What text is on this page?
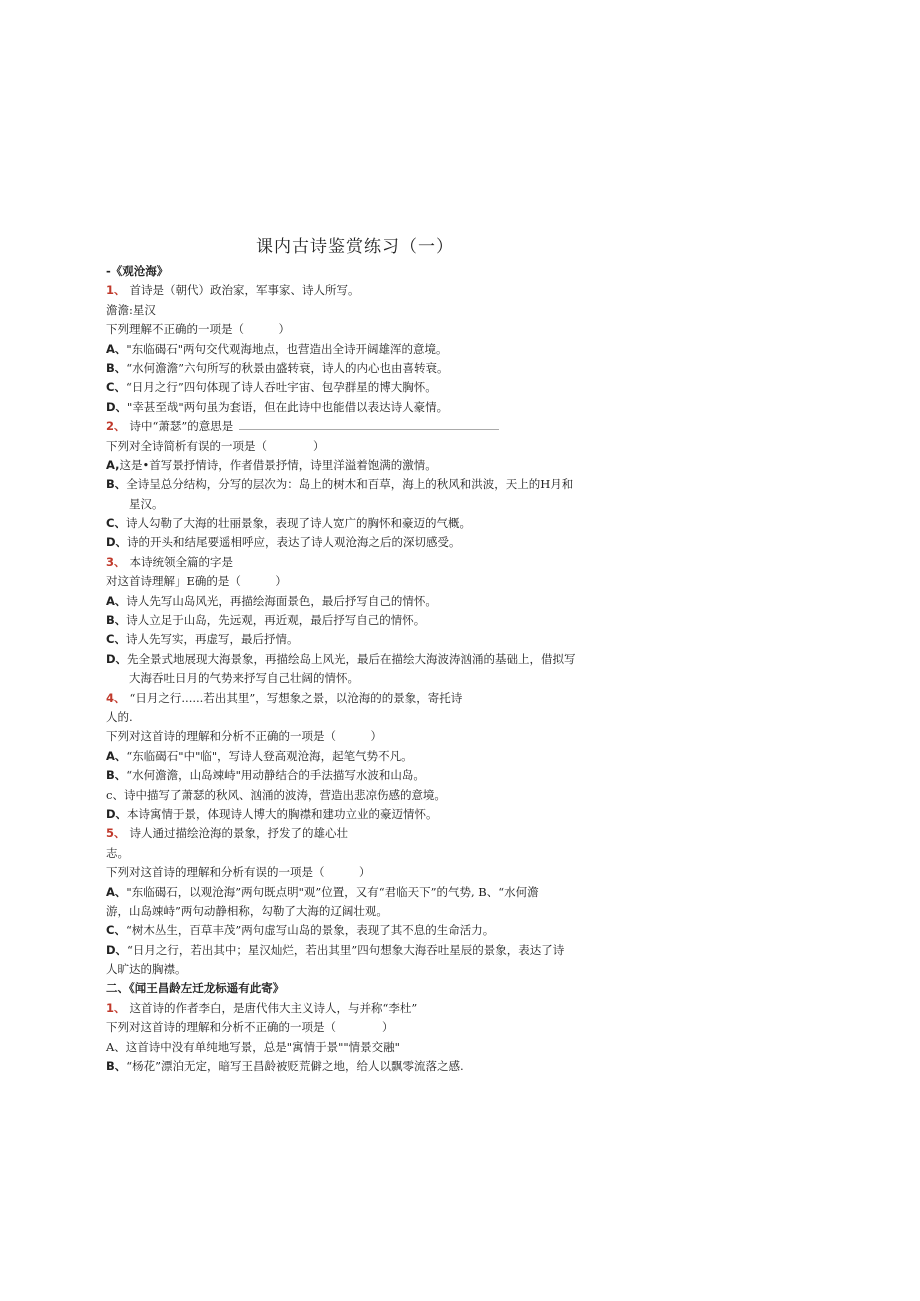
课内古诗鉴赏练习（一）
-《观沧海》
1、 首诗是（朝代）政治家，军事家、诗人所写。
澹澹:星汉
下列理解不正确的一项是（　　　）
A、"东临碣石"两句交代观海地点，也营造出全诗开阔雄浑的意境。
B、“水何澹澹”六句所写的秋景由盛转衰，诗人的内心也由喜转衰。
C、“日月之行”四句体现了诗人吞吐宇宙、包孕群星的博大胸怀。
D、"幸甚至哉"两句虽为套语，但在此诗中也能借以表达诗人豪情。
2、 诗中“萧瑟”的意思是
下列对全诗简析有误的一项是（　　　　）
A,这是•首写景抒情诗，作者借景抒情，诗里洋溢着饱满的激情。
B、全诗呈总分结构，分写的层次为：岛上的树木和百草，海上的秋风和洪波，天上的H月和
星汉。
C、诗人勾勒了大海的壮丽景象，表现了诗人宽广的胸怀和豪迈的气概。
D、诗的开头和结尾要遥相呼应，表达了诗人观沧海之后的深切感受。
3、 本诗统领全篇的字是
对这首诗理解」E确的是（　　　）
A、诗人先写山岛风光，再描绘海面景色，最后抒写自己的情怀。
B、诗人立足于山岛，先远观，再近观，最后抒写自己的情怀。
C、诗人先写实，再虚写，最后抒情。
D、先全景式地展现大海景象，再描绘岛上风光，最后在描绘大海波涛汹涌的基础上，借拟写
大海吞吐日月的气势来抒写自己壮阔的情怀。
4、 “日月之行......若出其里”，写想象之景，以沧海的的景象，寄托诗
人的.
下列对这首诗的理解和分析不正确的一项是（　　　）
A、“东临碣石"中"临"，写诗人登高观沧海，起笔气势不凡。
B、“水何澹澹，山岛竦峙"用动静结合的手法描写水波和山岛。
c、诗中描写了萧瑟的秋风、汹涌的波涛，营造出悲凉伤感的意境。
D、本诗寓情于景，体现诗人博大的胸襟和建功立业的豪迈情怀。
5、 诗人通过描绘沧海的景象，抒发了的雄心壮
志。
下列对这首诗的理解和分析有误的一项是（　　　）
A、"东临碣石，以观沧海”两句既点明"观”位置，又有“君临天下”的气势, B、“水何澹
游，山岛竦峙”两句动静相称，勾勒了大海的辽阔壮观。
C、“树木丛生，百草丰茂”两句虚写山岛的景象，表现了其不息的生命活力。
D、“日月之行，若出其中；星汉灿烂，若出其里”四句想象大海吞吐星辰的景象，表达了诗
人旷达的胸襟。
二、《闻王昌龄左迁龙标遥有此寄》
1、 这首诗的作者李白，是唐代伟大主义诗人，与并称“李杜”
下列对这首诗的理解和分析不正确的一项是（　　　　）
A、这首诗中没有单纯地写景，总是"寓情于景""情景交融"
B、“杨花”漂泊无定，暗写王昌龄被贬荒僻之地，给人以飘零流落之感.
